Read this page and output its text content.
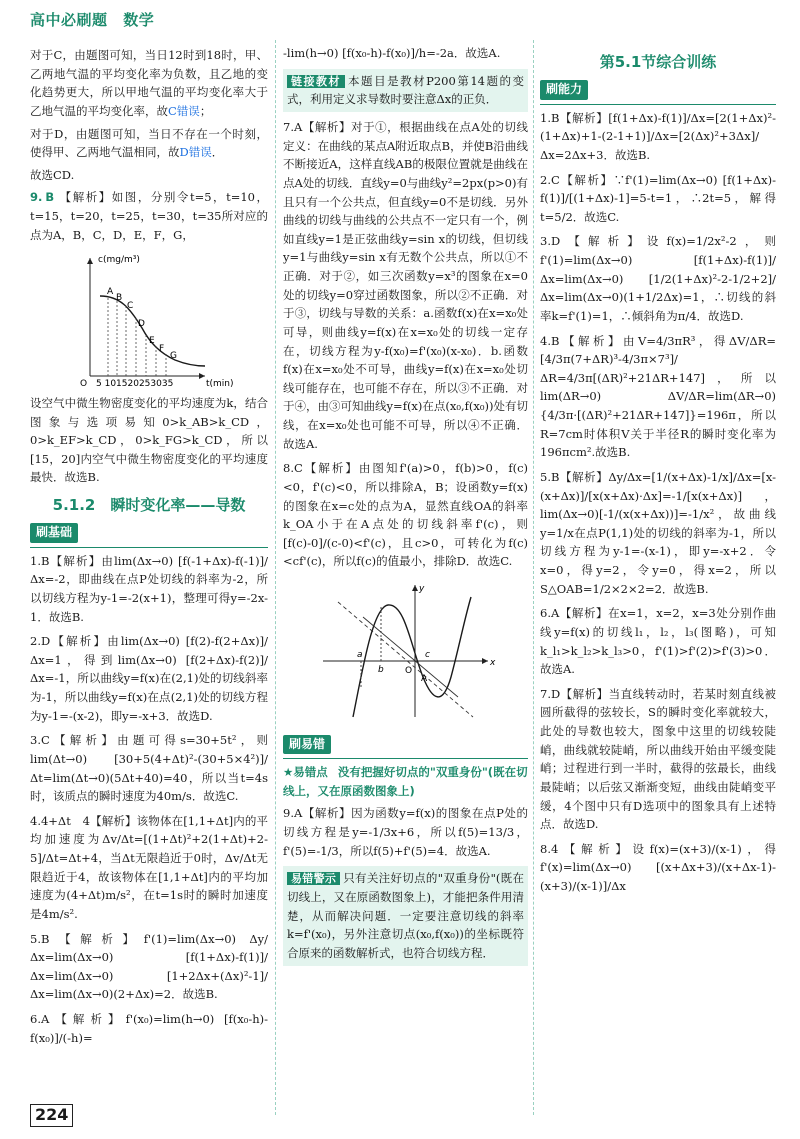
高中必刷题 数学

对于C，由题图可知，当日12时到18时，甲、乙两地气温的平均变化率为负数，且乙地的变化趋势更大，所以甲地气温的平均变化率大于乙地气温的平均变化率，故C错误；

对于D，由题图可知，当日不存在一个时刻，使得甲、乙两地气温相同，故D错误．

故选CD.

9. B 【解析】如图，分别令t=5，t=10，t=15，t=20，t=25，t=30，t=35所对应的点为A，B，C，D，E，F，G，

c(mg/m³)
t(min)
O 5 101520253035
A
B
C
D
E
F
G

设空气中微生物密度变化的平均速度为k，结合图象与选项易知0>k_AB>k_CD，0>k_EF>k_CD，0>k_FG>k_CD，所以[15，20]内空气中微生物密度变化的平均速度最快．故选B.

5.1.2　瞬时变化率——导数
刷基础

1.B【解析】由lim(Δx→0) [f(-1+Δx)-f(-1)]/Δx=-2，即曲线在点P处切线的斜率为-2，所以切线方程为y-1=-2(x+1)，整理可得y=-2x-1．故选B.

2.D【解析】由lim(Δx→0) [f(2)-f(2+Δx)]/Δx=1，得到lim(Δx→0) [f(2+Δx)-f(2)]/Δx=-1，所以曲线y=f(x)在(2,1)处的切线斜率为-1，所以曲线y=f(x)在点(2,1)处的切线方程为y-1=-(x-2)，即y=-x+3．故选D.

3.C【解析】由题可得s=30+5t²，则lim(Δt→0) [30+5(4+Δt)²-(30+5×4²)]/Δt=lim(Δt→0)(5Δt+40)=40，所以当t=4s时，该质点的瞬时速度为40m/s．故选C.

4.4+Δt　4【解析】该物体在[1,1+Δt]内的平均加速度为Δv/Δt=[(1+Δt)²+2(1+Δt)+2-5]/Δt=Δt+4，当Δt无限趋近于0时，Δv/Δt无限趋近于4，故该物体在[1,1+Δt]内的平均加速度为(4+Δt)m/s²，在t=1s时的瞬时加速度是4m/s².

5.B【解析】f'(1)=lim(Δx→0) Δy/Δx=lim(Δx→0) [f(1+Δx)-f(1)]/Δx=lim(Δx→0) [1+2Δx+(Δx)²-1]/Δx=lim(Δx→0)(2+Δx)=2．故选B.

6.A【解析】f'(x₀)=lim(h→0) [f(x₀-h)-f(x₀)]/(-h)=

-lim(h→0) [f(x₀-h)-f(x₀)]/h=-2a．故选A.

链接教材 本题目是教材P200第14题的变式，利用定义求导数时要注意Δx的正负．

7.A【解析】对于①，根据曲线在点A处的切线定义：在曲线的某点A附近取点B，并使B沿曲线不断接近A，这样直线AB的极限位置就是曲线在点A处的切线．直线y=0与曲线y²=2px(p>0)有且只有一个公共点，但直线y=0不是切线．另外曲线的切线与曲线的公共点不一定只有一个，例如直线y=1是正弦曲线y=sin x的切线，但切线y=1与曲线y=sin x有无数个公共点，所以①不正确．对于②，如三次函数y=x³的图象在x=0处的切线y=0穿过函数图象，所以②不正确．对于③，切线与导数的关系：a.函数f(x)在x=x₀处可导，则曲线y=f(x)在x=x₀处的切线一定存在，切线方程为y-f(x₀)=f'(x₀)(x-x₀)．b.函数f(x)在x=x₀处不可导，曲线y=f(x)在x=x₀处切线可能存在，也可能不存在，所以③不正确．对于④，由③可知曲线y=f(x)在点(x₀,f(x₀))处有切线，在x=x₀处也可能不可导，所以④不正确．故选A.

8.C【解析】由图知f'(a)>0，f(b)>0，f(c)<0，f'(c)<0，所以排除A，B；设函数y=f(x)的图象在x=c处的点为A，显然直线OA的斜率k_OA小于在A点处的切线斜率f'(c)，则[f(c)-0]/(c-0)<f'(c)，且c>0，可转化为f(c)<cf'(c)，所以f(c)的值最小，排除D．故选C.

x
y
O
a
b
c
A
刷易错
★易错点 没有把握好切点的"双重身份"(既在切线上，又在原函数图象上)

9.A【解析】因为函数y=f(x)的图象在点P处的切线方程是y=-1/3x+6，所以f(5)=13/3，f'(5)=-1/3，所以f(5)+f'(5)=4．故选A.

易错警示 只有关注好切点的"双重身份"(既在切线上，又在原函数图象上)，才能把条件用清楚，从而解决问题．一定要注意切线的斜率k=f'(x₀)，另外注意切点(x₀,f(x₀))的坐标既符合原来的函数解析式，也符合切线方程．
第5.1节综合训练
刷能力

1.B【解析】[f(1+Δx)-f(1)]/Δx=[2(1+Δx)²-(1+Δx)+1-(2-1+1)]/Δx=[2(Δx)²+3Δx]/Δx=2Δx+3．故选B.

2.C【解析】∵f'(1)=lim(Δx→0) [f(1+Δx)-f(1)]/[(1+Δx)-1]=5-t=1，∴2t=5，解得t=5/2．故选C.

3.D【解析】设f(x)=1/2x²-2，则f'(1)=lim(Δx→0) [f(1+Δx)-f(1)]/Δx=lim(Δx→0) [1/2(1+Δx)²-2-1/2+2]/Δx=lim(Δx→0)(1+1/2Δx)=1，∴切线的斜率k=f'(1)=1，∴倾斜角为π/4．故选D.

4.B【解析】由V=4/3πR³，得ΔV/ΔR=[4/3π(7+ΔR)³-4/3π×7³]/ΔR=4/3π[(ΔR)²+21ΔR+147]，所以lim(ΔR→0) ΔV/ΔR=lim(ΔR→0){4/3π·[(ΔR)²+21ΔR+147]}=196π，所以R=7cm时体积V关于半径R的瞬时变化率为196πcm².故选B.

5.B【解析】Δy/Δx=[1/(x+Δx)-1/x]/Δx=[x-(x+Δx)]/[x(x+Δx)·Δx]=-1/[x(x+Δx)]，lim(Δx→0)[-1/(x(x+Δx))]=-1/x²，故曲线y=1/x在点P(1,1)处的切线的斜率为-1，所以切线方程为y-1=-(x-1)，即y=-x+2．令x=0，得y=2，令y=0，得x=2，所以S△OAB=1/2×2×2=2．故选B.

6.A【解析】在x=1，x=2，x=3处分别作曲线y=f(x)的切线l₁，l₂，l₃(图略)，可知k_l₁>k_l₂>k_l₃>0，f'(1)>f'(2)>f'(3)>0．故选A.

7.D【解析】当直线转动时，若某时刻直线被圆所截得的弦较长，S的瞬时变化率就较大，此处的导数也较大，图象中这里的切线较陡峭，曲线就较陡峭，所以曲线开始由平缓变陡峭；过程进行到一半时，截得的弦最长，曲线最陡峭；以后弦又渐渐变短，曲线由陡峭变平缓，4个图中只有D选项中的图象具有上述特点．故选D.

8.4【解析】设f(x)=(x+3)/(x-1)，得f'(x)=lim(Δx→0) [(x+Δx+3)/(x+Δx-1)-(x+3)/(x-1)]/Δx

224
